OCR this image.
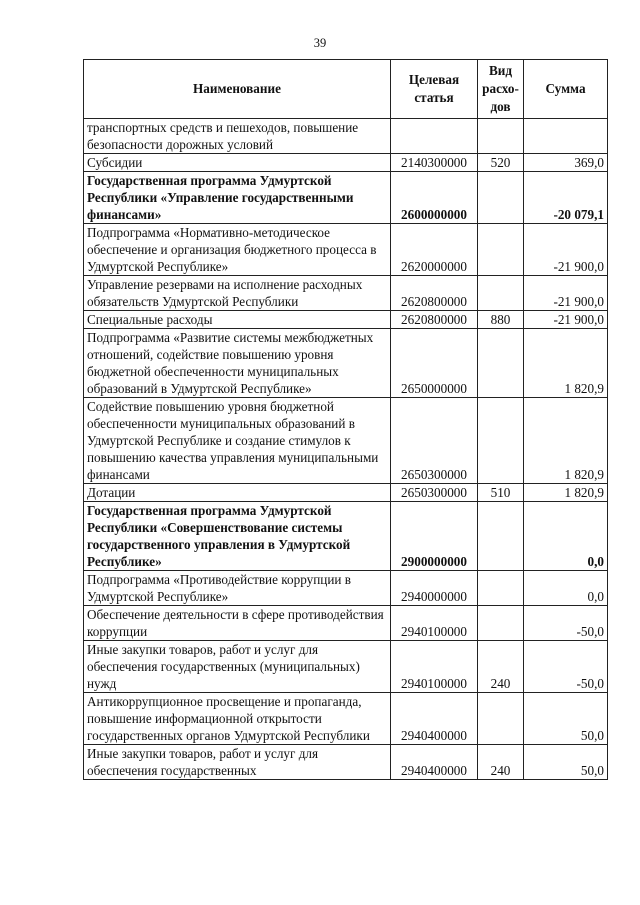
39
Наименование	Целевая статья	Вид расхо-дов	Сумма
транспортных средств и пешеходов, повышение безопасности дорожных условий			
Субсидии	2140300000	520	369,0
Государственная программа Удмуртской Республики «Управление государственными финансами»	2600000000		-20 079,1
Подпрограмма «Нормативно-методическое обеспечение и организация бюджетного процесса в Удмуртской Республике»	2620000000		-21 900,0
Управление резервами на исполнение расходных обязательств Удмуртской Республики	2620800000		-21 900,0
Специальные расходы	2620800000	880	-21 900,0
Подпрограмма «Развитие системы межбюджетных отношений, содействие повышению уровня бюджетной обеспеченности муниципальных образований в Удмуртской Республике»	2650000000		1 820,9
Содействие повышению уровня бюджетной обеспеченности муниципальных образований в Удмуртской Республике и создание стимулов к повышению качества управления муниципальными финансами	2650300000		1 820,9
Дотации	2650300000	510	1 820,9
Государственная программа Удмуртской Республики «Совершенствование системы государственного управления в Удмуртской Республике»	2900000000		0,0
Подпрограмма «Противодействие коррупции в Удмуртской Республике»	2940000000		0,0
Обеспечение деятельности в сфере противодействия коррупции	2940100000		-50,0
Иные закупки товаров, работ и услуг для обеспечения государственных (муниципальных) нужд	2940100000	240	-50,0
Антикоррупционное просвещение и пропаганда, повышение информационной открытости государственных органов Удмуртской Республики	2940400000		50,0
Иные закупки товаров, работ и услуг для обеспечения государственных	2940400000	240	50,0
